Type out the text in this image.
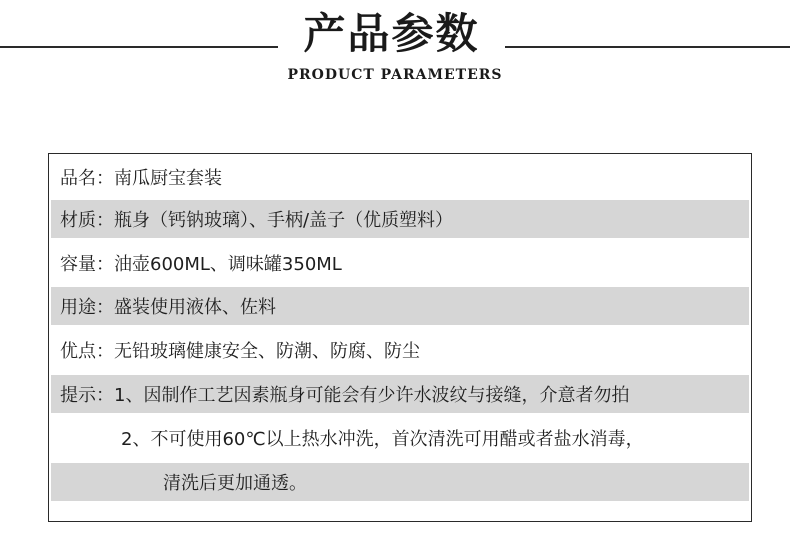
产品参数
PRODUCT PARAMETERS
品名：南瓜厨宝套装
材质：瓶身（钙钠玻璃）、手柄/盖子（优质塑料）
容量：油壶600ML、调味罐350ML
用途：盛装使用液体、佐料
优点：无铅玻璃健康安全、防潮、防腐、防尘
提示：1、因制作工艺因素瓶身可能会有少许水波纹与接缝，介意者勿拍
2、不可使用60℃以上热水冲洗，首次清洗可用醋或者盐水消毒，
清洗后更加通透。
